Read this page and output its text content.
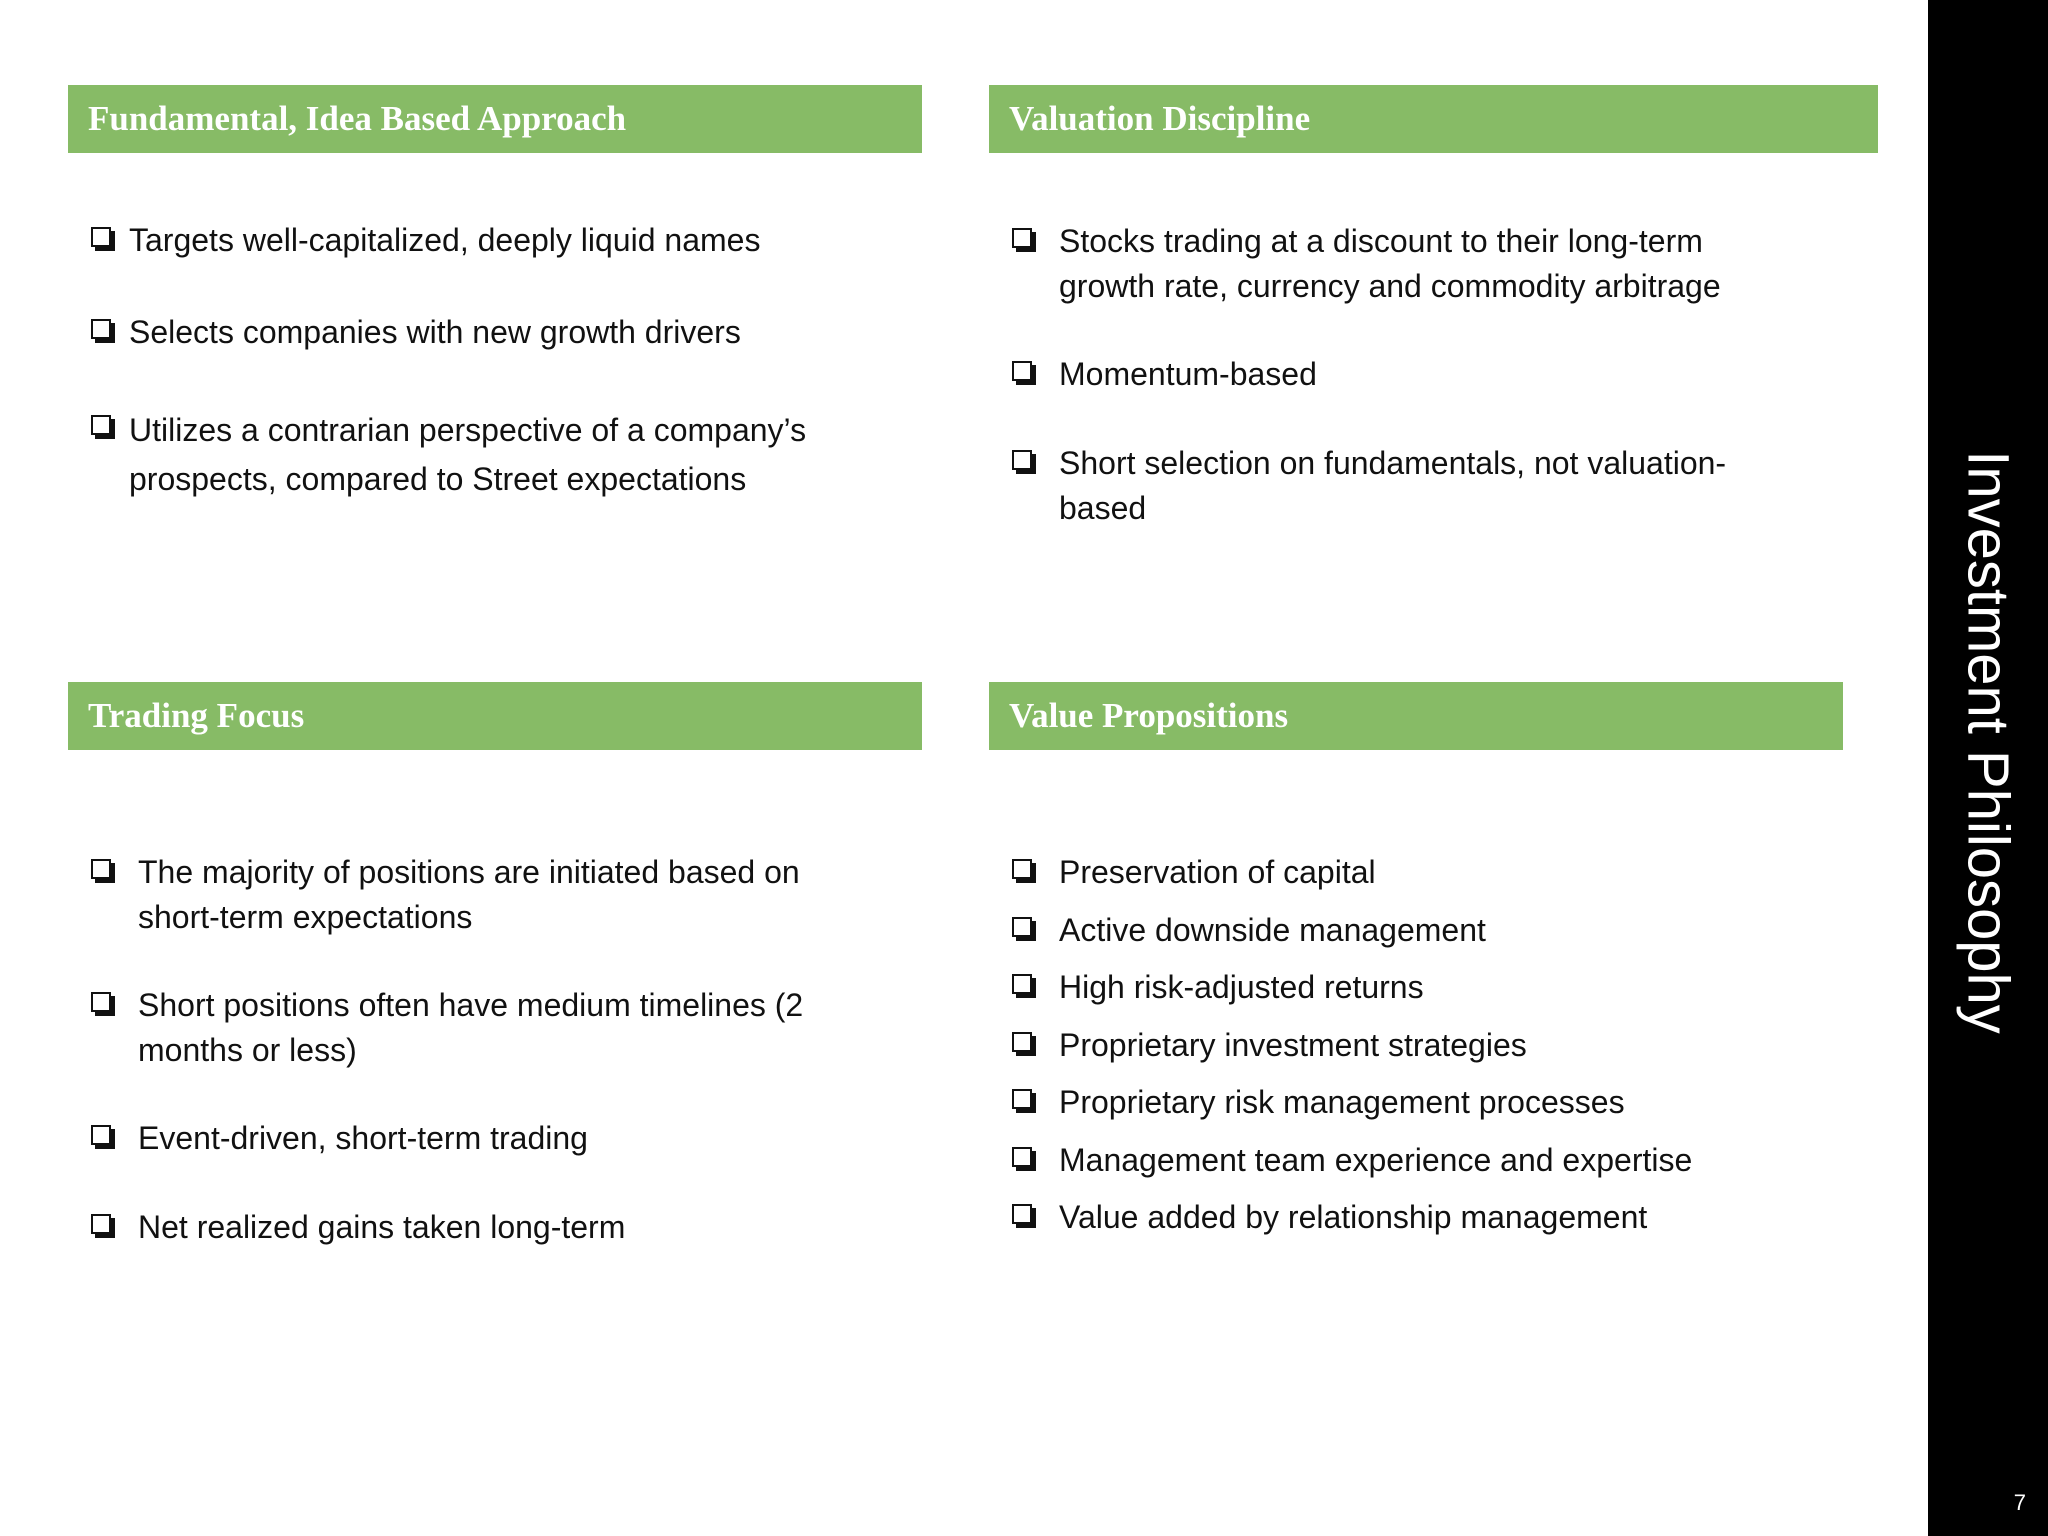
Fundamental, Idea Based Approach	Valuation Discipline
Trading Focus	Value Propositions
Targets well-capitalized, deeply liquid names
Selects companies with new growth drivers
Utilizes a contrarian perspective of a company’s
prospects, compared to Street expectations
Stocks trading at a discount to their long-term
growth rate, currency and commodity arbitrage
Momentum-based
Short selection on fundamentals, not valuation-
based
The majority of positions are initiated based on
short-term expectations
Short positions often have medium timelines (2
months or less)
Event-driven, short-term trading
Net realized gains taken long-term
Preservation of capital
Active downside management
High risk-adjusted returns
Proprietary investment strategies
Proprietary risk management processes
Management team experience and expertise
Value added by relationship management
Investment Philosophy
7
